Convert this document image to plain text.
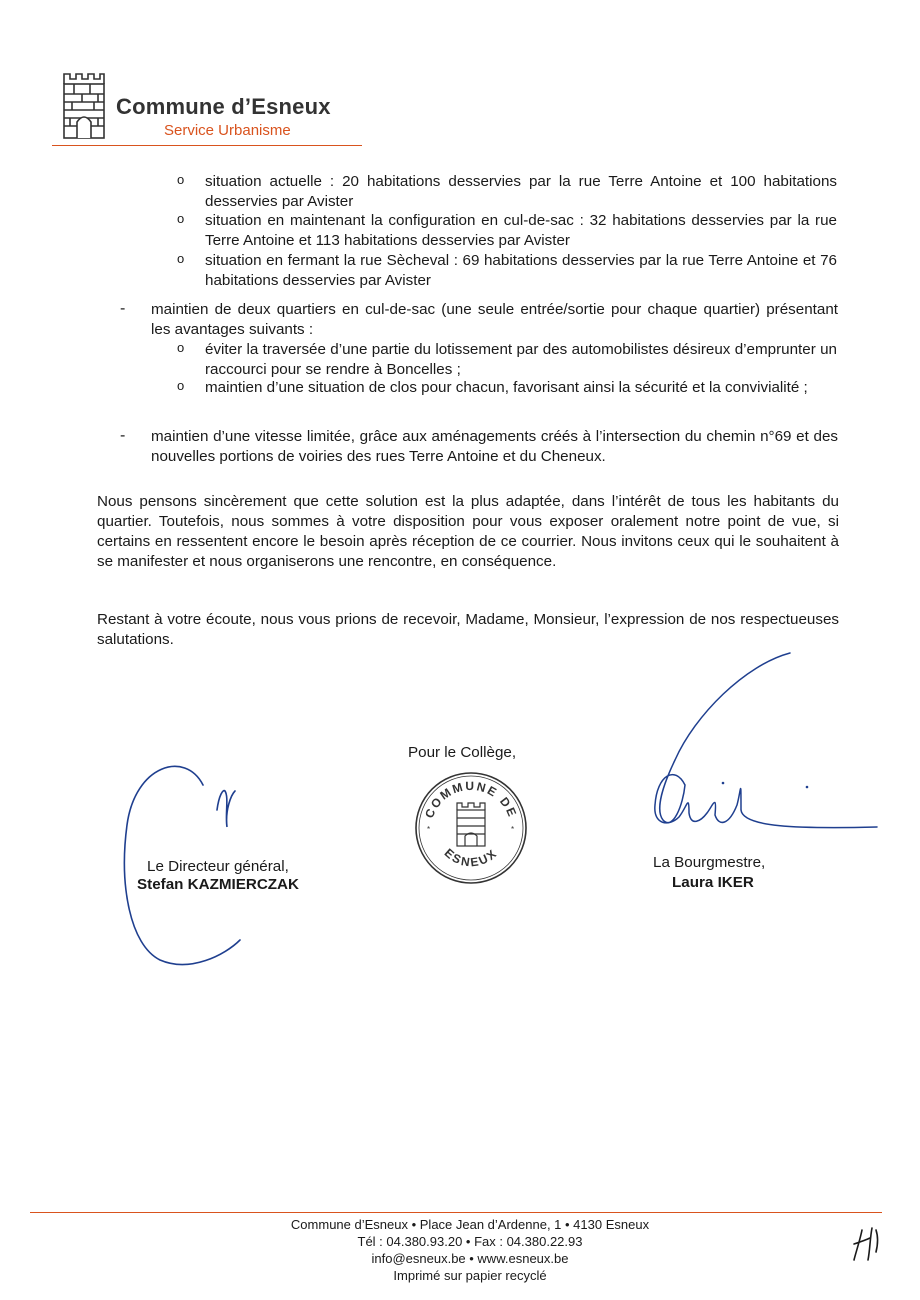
Commune d’Esneux
Service Urbanisme
o situation actuelle : 20 habitations desservies par la rue Terre Antoine et 100 habitations desservies par Avister
o situation en maintenant la configuration en cul-de-sac : 32 habitations desservies par la rue Terre Antoine et 113 habitations desservies par Avister
o situation en fermant la rue Sècheval : 69 habitations desservies par la rue Terre Antoine et 76 habitations desservies par Avister
- maintien de deux quartiers en cul-de-sac (une seule entrée/sortie pour chaque quartier) présentant les avantages suivants :
o éviter la traversée d’une partie du lotissement par des automobilistes désireux d’emprunter un raccourci pour se rendre à Boncelles ;
o maintien d’une situation de clos pour chacun, favorisant ainsi la sécurité et la convivialité ;
- maintien d’une vitesse limitée, grâce aux aménagements créés à l’intersection du chemin n°69 et des nouvelles portions de voiries des rues Terre Antoine et du Cheneux.
Nous pensons sincèrement que cette solution est la plus adaptée, dans l’intérêt de tous les habitants du quartier. Toutefois, nous sommes à votre disposition pour vous exposer oralement notre point de vue, si certains en ressentent encore le besoin après réception de ce courrier. Nous invitons ceux qui le souhaitent à se manifester et nous organiserons une rencontre, en conséquence.
Restant à votre écoute, nous vous prions de recevoir, Madame, Monsieur, l’expression de nos respectueuses salutations.
Pour le Collège,
COMMUNE DE
ESNEUX
*	*
Le Directeur général,
Stefan KAZMIERCZAK
La Bourgmestre,
Laura IKER
Commune d’Esneux • Place Jean d’Ardenne, 1 • 4130 Esneux
Tél : 04.380.93.20 • Fax : 04.380.22.93
info@esneux.be • www.esneux.be
Imprimé sur papier recyclé
